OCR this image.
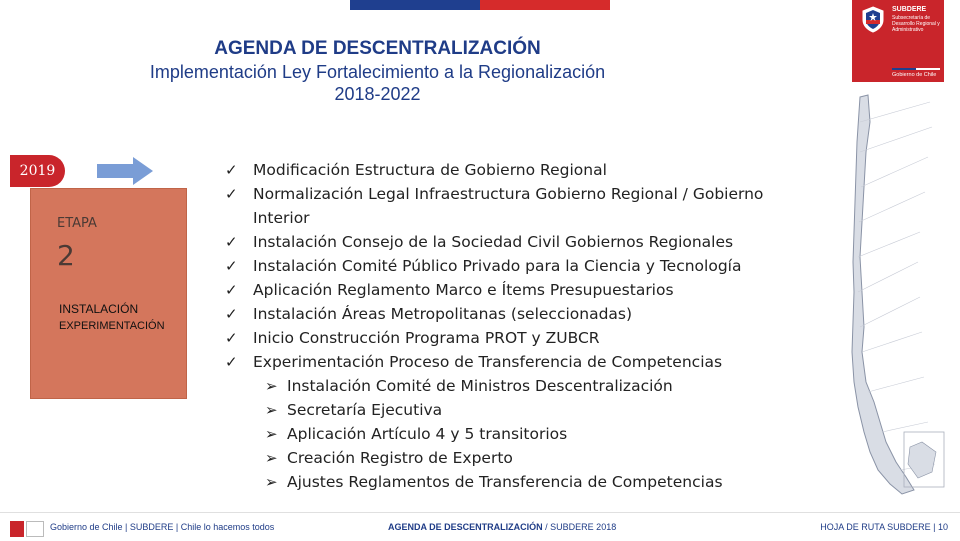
SUBDERE
Subsecretaría de Desarrollo Regional y Administrativo
Gobierno de Chile
AGENDA DE DESCENTRALIZACIÓN
Implementación Ley Fortalecimiento a la Regionalización
2018-2022
2019
ETAPA
2
INSTALACIÓN
EXPERIMENTACIÓN
✓ Modificación Estructura de Gobierno Regional
✓ Normalización Legal Infraestructura Gobierno Regional / Gobierno Interior
✓ Instalación Consejo de la Sociedad Civil Gobiernos Regionales
✓ Instalación Comité Público Privado para la Ciencia y Tecnología
✓ Aplicación Reglamento Marco e Ítems Presupuestarios
✓ Instalación Áreas Metropolitanas (seleccionadas)
✓ Inicio Construcción Programa PROT y ZUBCR
✓ Experimentación Proceso de Transferencia de Competencias
➢ Instalación Comité de Ministros Descentralización
➢ Secretaría Ejecutiva
➢ Aplicación Artículo 4 y 5 transitorios
➢ Creación Registro de Experto
➢ Ajustes Reglamentos de Transferencia de Competencias
Gobierno de Chile | SUBDERE | Chile lo hacemos todos	AGENDA DE DESCENTRALIZACIÓN / SUBDERE 2018	HOJA DE RUTA SUBDERE | 10
